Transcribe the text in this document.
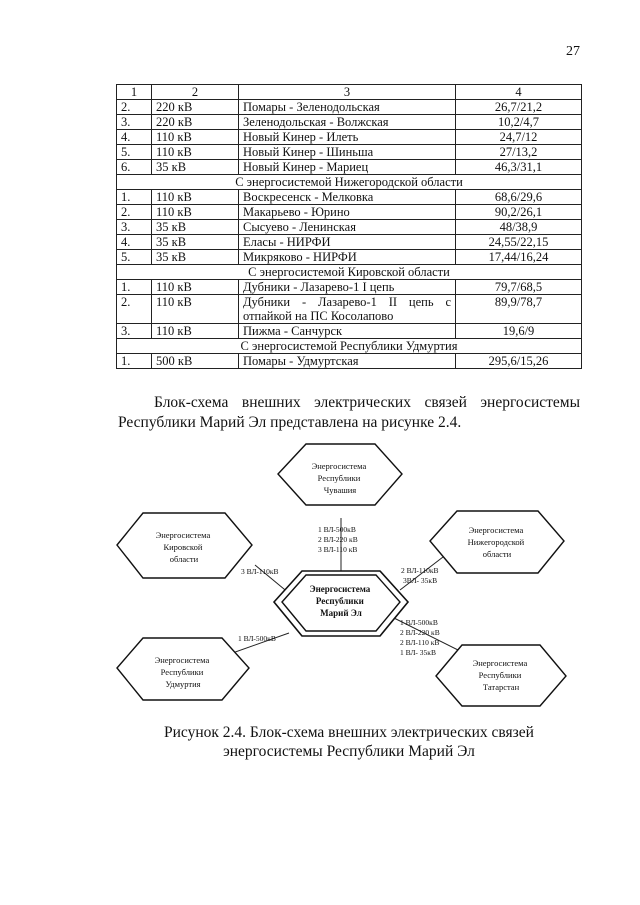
27
1	2	3	4
2.	220 кВ	Помары - Зеленодольская	26,7/21,2
3.	220 кВ	Зеленодольская - Волжская	10,2/4,7
4.	110 кВ	Новый Кинер - Илеть	24,7/12
5.	110 кВ	Новый Кинер - Шиньша	27/13,2
6.	35 кВ	Новый Кинер - Мариец	46,3/31,1
С энергосистемой Нижегородской области			
1.	110 кВ	Воскресенск - Мелковка	68,6/29,6
2.	110 кВ	Макарьево - Юрино	90,2/26,1
3.	35 кВ	Сысуево - Ленинская	48/38,9
4.	35 кВ	Еласы - НИРФИ	24,55/22,15
5.	35 кВ	Микряково - НИРФИ	17,44/16,24
С энергосистемой Кировской области			
1.	110 кВ	Дубники - Лазарево-1 I цепь	79,7/68,5
2.	110 кВ	Дубники - Лазарево-1 II цепь с
отпайкой на ПС Косолапово	89,9/78,7
3.	110 кВ	Пижма - Санчурск	19,6/9
С энергосистемой Республики Удмуртия			
1.	500 кВ	Помары - Удмуртская	295,6/15,26
Блок-схема внешних электрических связей энергосистемы
Республики Марий Эл представлена на рисунке 2.4.
Энергосистема Республики Чувашия
Энергосистема Кировской области
Энергосистема Нижегородской области
Энергосистема Республики Удмуртия
Энергосистема Республики Татарстан
Энергосистема Республики Марий Эл
1 ВЛ-500кВ 2 ВЛ-220 кВ 3 ВЛ-110 кВ
3 ВЛ-110кВ	2 ВЛ-110кВ 3ВЛ- 35кВ
1 ВЛ-500кВ
1 ВЛ-500кВ 2 ВЛ-220 кВ 2 ВЛ-110 кВ 1 ВЛ- 35кВ
Рисунок 2.4. Блок-схема внешних электрических связей
энергосистемы Республики Марий Эл
